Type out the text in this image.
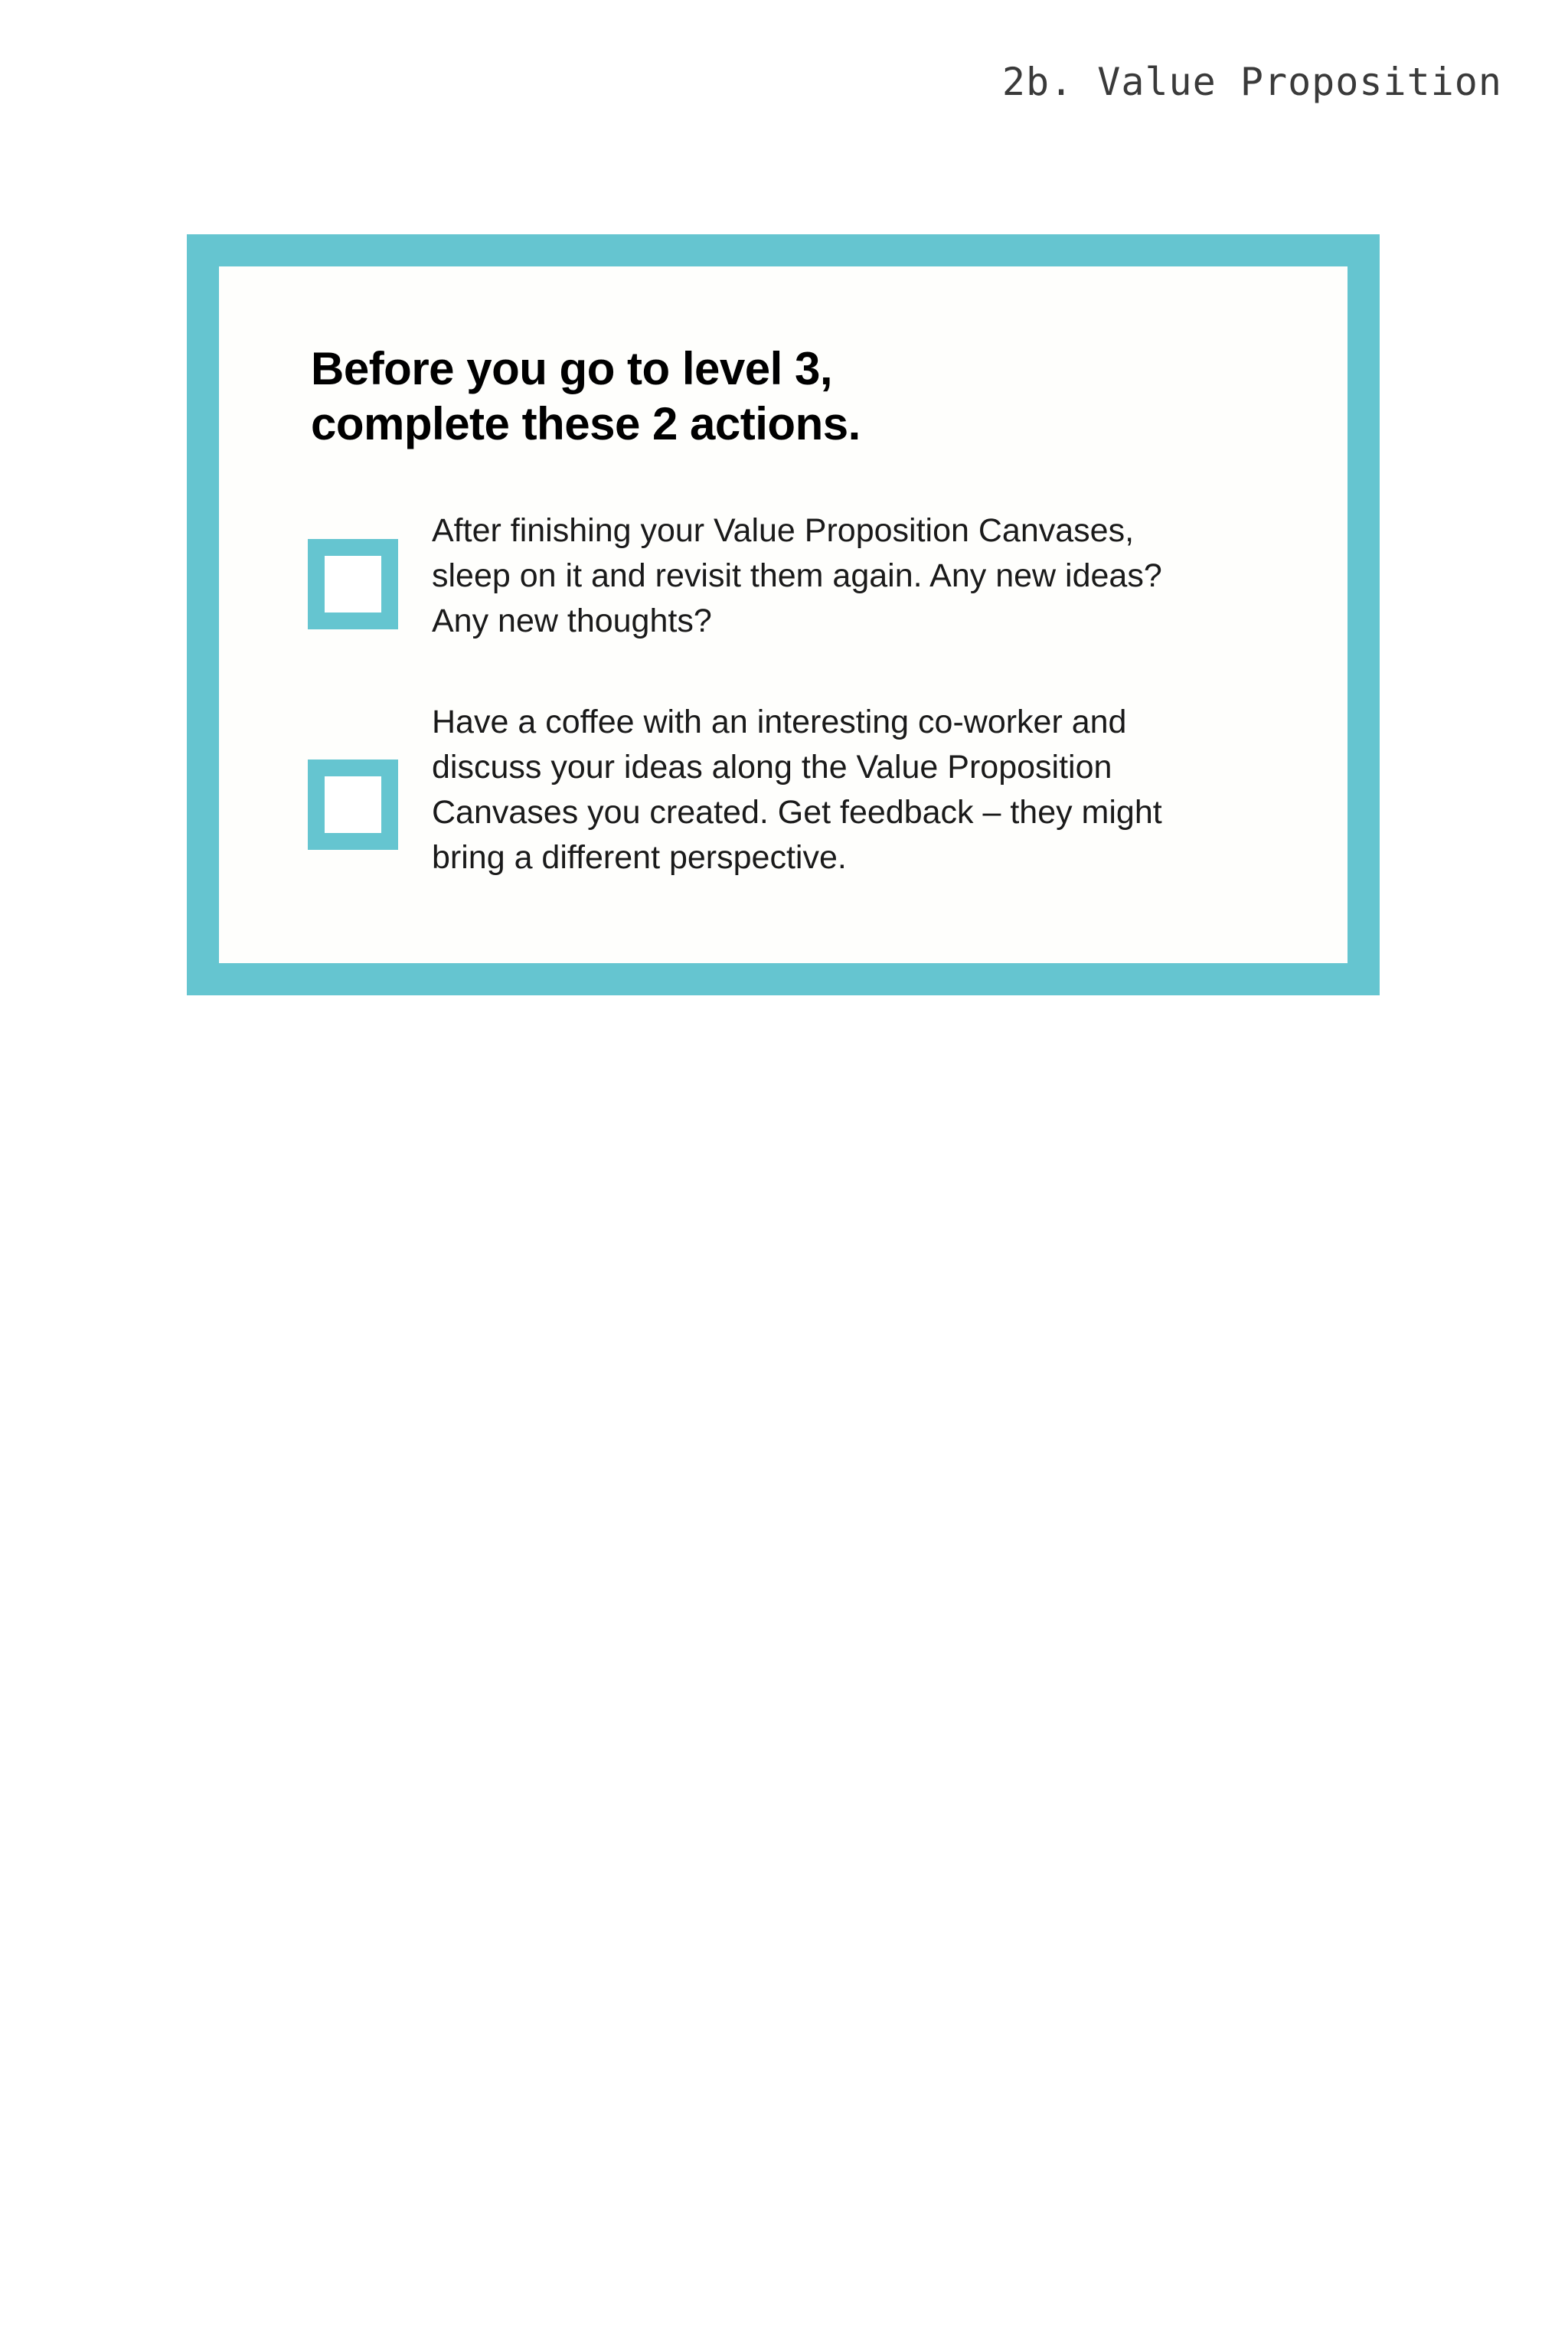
2b. Value Proposition
Before you go to level 3,
complete these 2 actions.
After finishing your Value Proposition Canvases,
sleep on it and revisit them again. Any new ideas?
Any new thoughts?
Have a coffee with an interesting co-worker and
discuss your ideas along the Value Proposition
Canvases you created. Get feedback – they might
bring a different perspective.
